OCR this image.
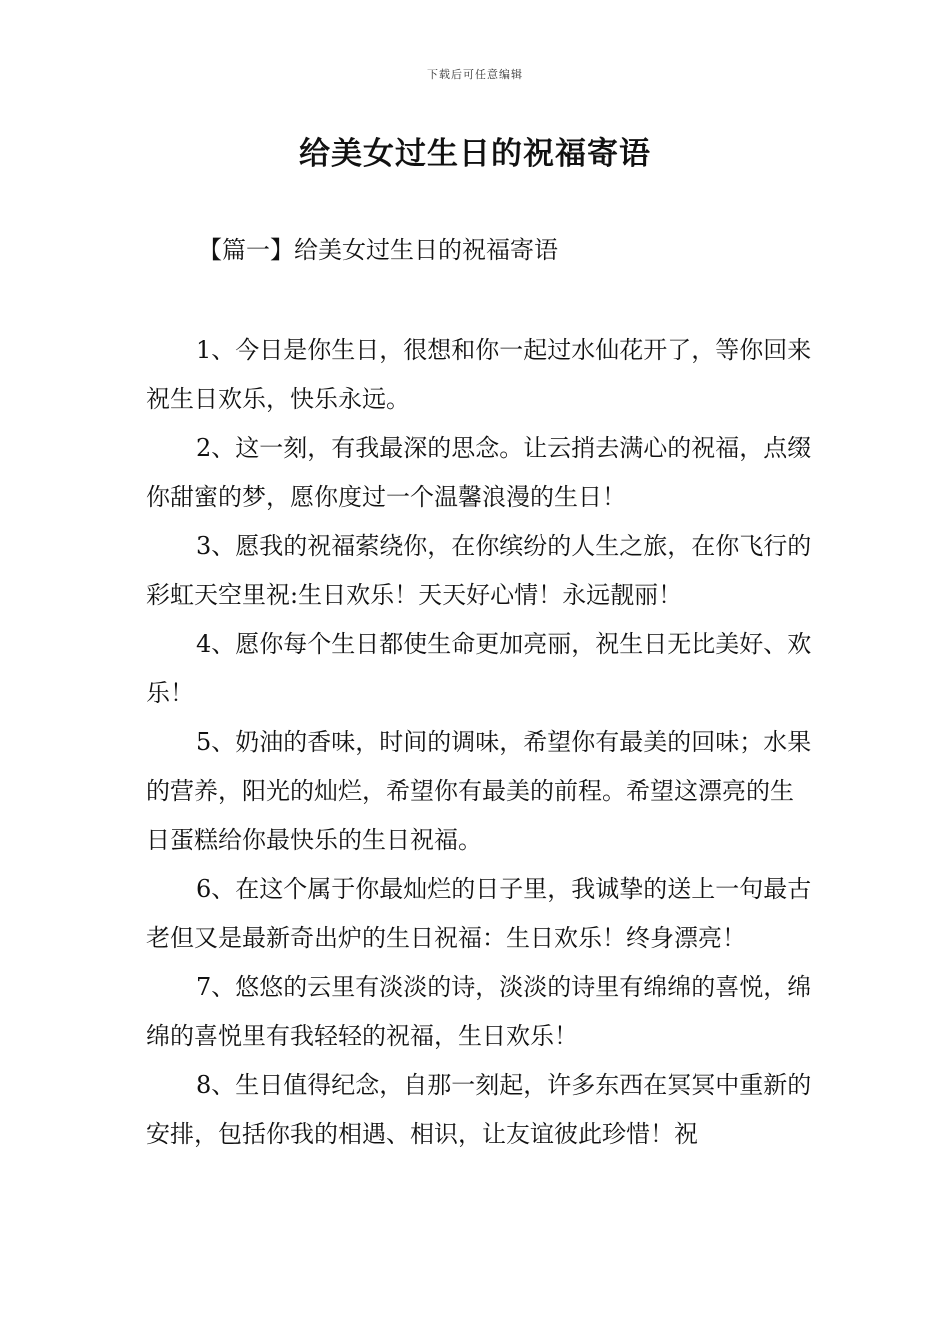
下载后可任意编辑
给美女过生日的祝福寄语
【篇一】给美女过生日的祝福寄语

1、今日是你生日，很想和你一起过水仙花开了，等你回来祝生日欢乐，快乐永远。

2、这一刻，有我最深的思念。让云捎去满心的祝福，点缀你甜蜜的梦，愿你度过一个温馨浪漫的生日！

3、愿我的祝福萦绕你，在你缤纷的人生之旅，在你飞行的彩虹天空里祝:生日欢乐！天天好心情！永远靓丽！

4、愿你每个生日都使生命更加亮丽，祝生日无比美好、欢乐！

5、奶油的香味，时间的调味，希望你有最美的回味；水果的营养，阳光的灿烂，希望你有最美的前程。希望这漂亮的生日蛋糕给你最快乐的生日祝福。

6、在这个属于你最灿烂的日子里，我诚挚的送上一句最古老但又是最新奇出炉的生日祝福：生日欢乐！终身漂亮！

7、悠悠的云里有淡淡的诗，淡淡的诗里有绵绵的喜悦，绵绵的喜悦里有我轻轻的祝福，生日欢乐！

8、生日值得纪念，自那一刻起，许多东西在冥冥中重新的安排，包括你我的相遇、相识，让友谊彼此珍惜！祝
